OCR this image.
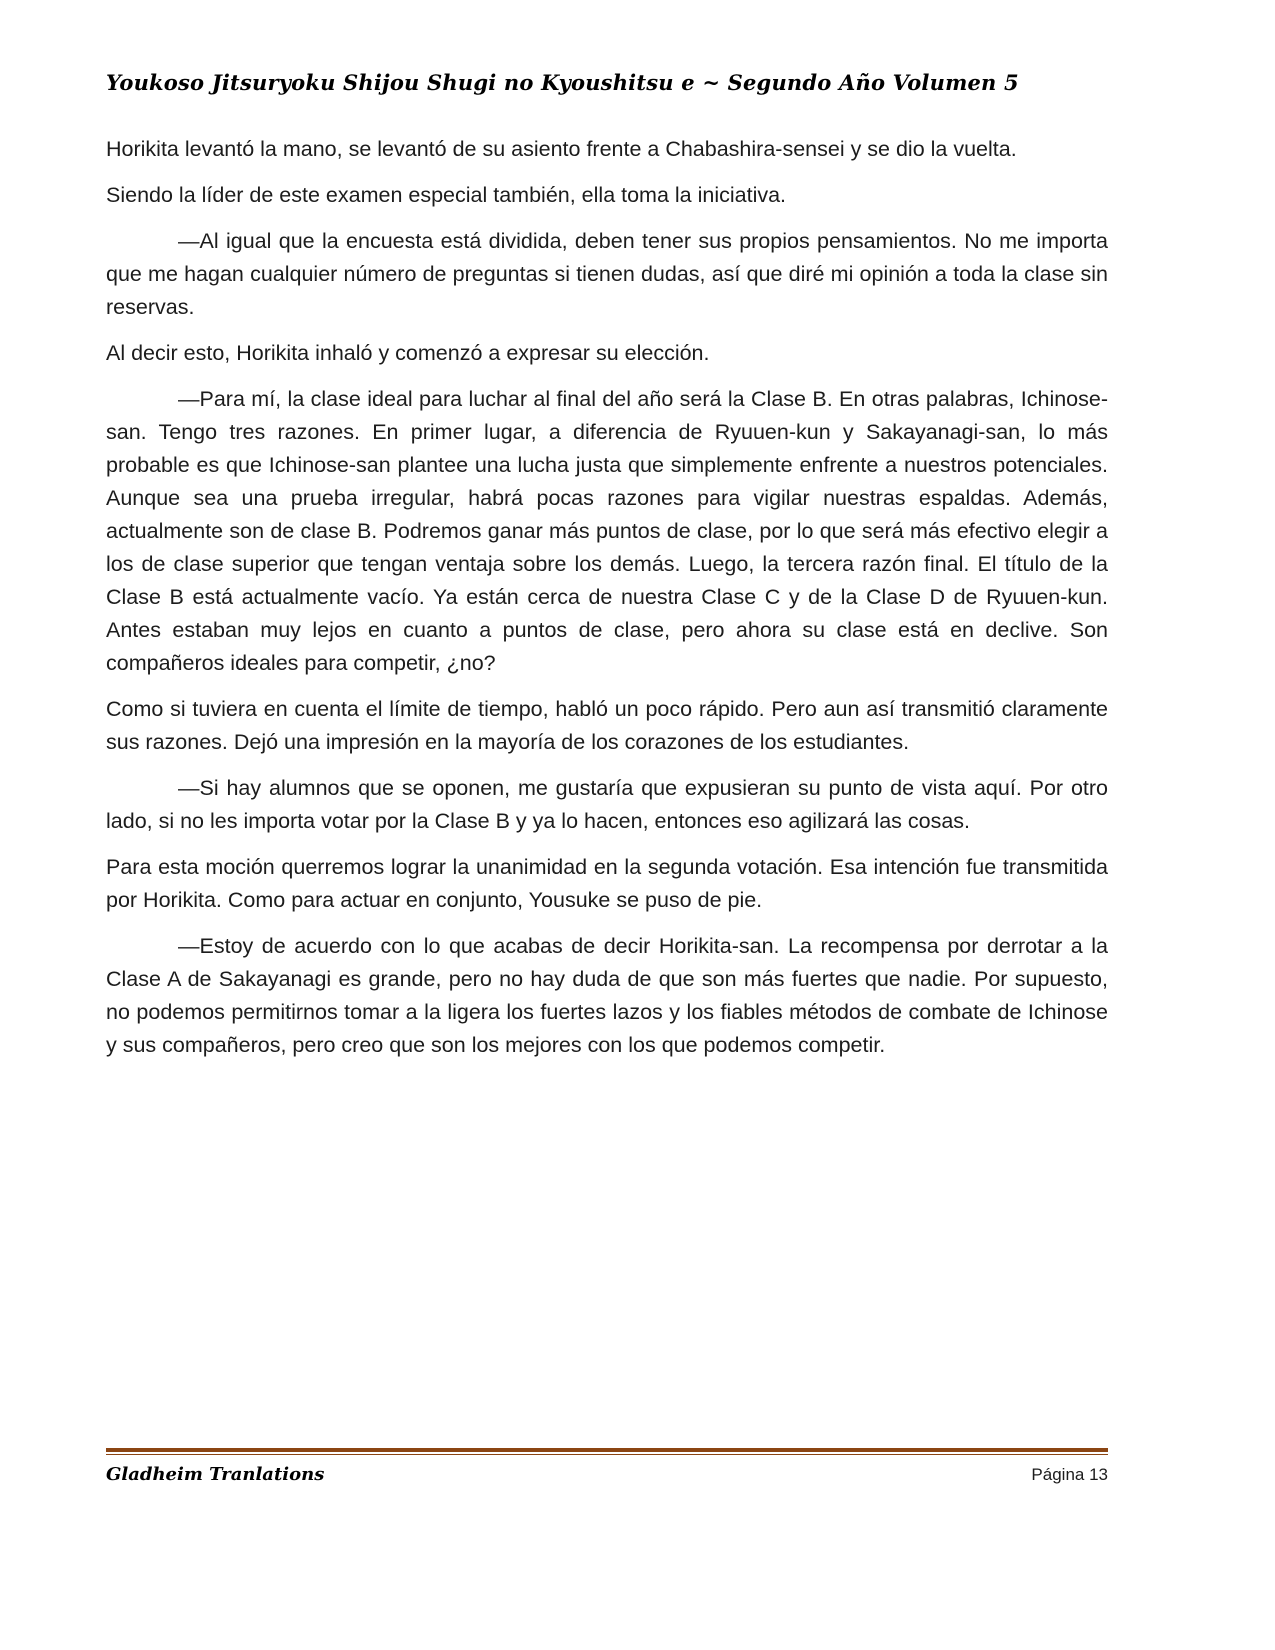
Youkoso Jitsuryoku Shijou Shugi no Kyoushitsu e ~ Segundo Año Volumen 5

Horikita levantó la mano, se levantó de su asiento frente a Chabashira-sensei y se dio la vuelta.

Siendo la líder de este examen especial también, ella toma la iniciativa.

—Al igual que la encuesta está dividida, deben tener sus propios pensamientos. No me importa que me hagan cualquier número de preguntas si tienen dudas, así que diré mi opinión a toda la clase sin reservas.

Al decir esto, Horikita inhaló y comenzó a expresar su elección.

—Para mí, la clase ideal para luchar al final del año será la Clase B. En otras palabras, Ichinose-san. Tengo tres razones. En primer lugar, a diferencia de Ryuuen-kun y Sakayanagi-san, lo más probable es que Ichinose-san plantee una lucha justa que simplemente enfrente a nuestros potenciales. Aunque sea una prueba irregular, habrá pocas razones para vigilar nuestras espaldas. Además, actualmente son de clase B. Podremos ganar más puntos de clase, por lo que será más efectivo elegir a los de clase superior que tengan ventaja sobre los demás. Luego, la tercera razón final. El título de la Clase B está actualmente vacío. Ya están cerca de nuestra Clase C y de la Clase D de Ryuuen-kun. Antes estaban muy lejos en cuanto a puntos de clase, pero ahora su clase está en declive. Son compañeros ideales para competir, ¿no?

Como si tuviera en cuenta el límite de tiempo, habló un poco rápido. Pero aun así transmitió claramente sus razones. Dejó una impresión en la mayoría de los corazones de los estudiantes.

—Si hay alumnos que se oponen, me gustaría que expusieran su punto de vista aquí. Por otro lado, si no les importa votar por la Clase B y ya lo hacen, entonces eso agilizará las cosas.

Para esta moción querremos lograr la unanimidad en la segunda votación. Esa intención fue transmitida por Horikita. Como para actuar en conjunto, Yousuke se puso de pie.

—Estoy de acuerdo con lo que acabas de decir Horikita-san. La recompensa por derrotar a la Clase A de Sakayanagi es grande, pero no hay duda de que son más fuertes que nadie. Por supuesto, no podemos permitirnos tomar a la ligera los fuertes lazos y los fiables métodos de combate de Ichinose y sus compañeros, pero creo que son los mejores con los que podemos competir.

Gladheim Tranlations	Página 13
